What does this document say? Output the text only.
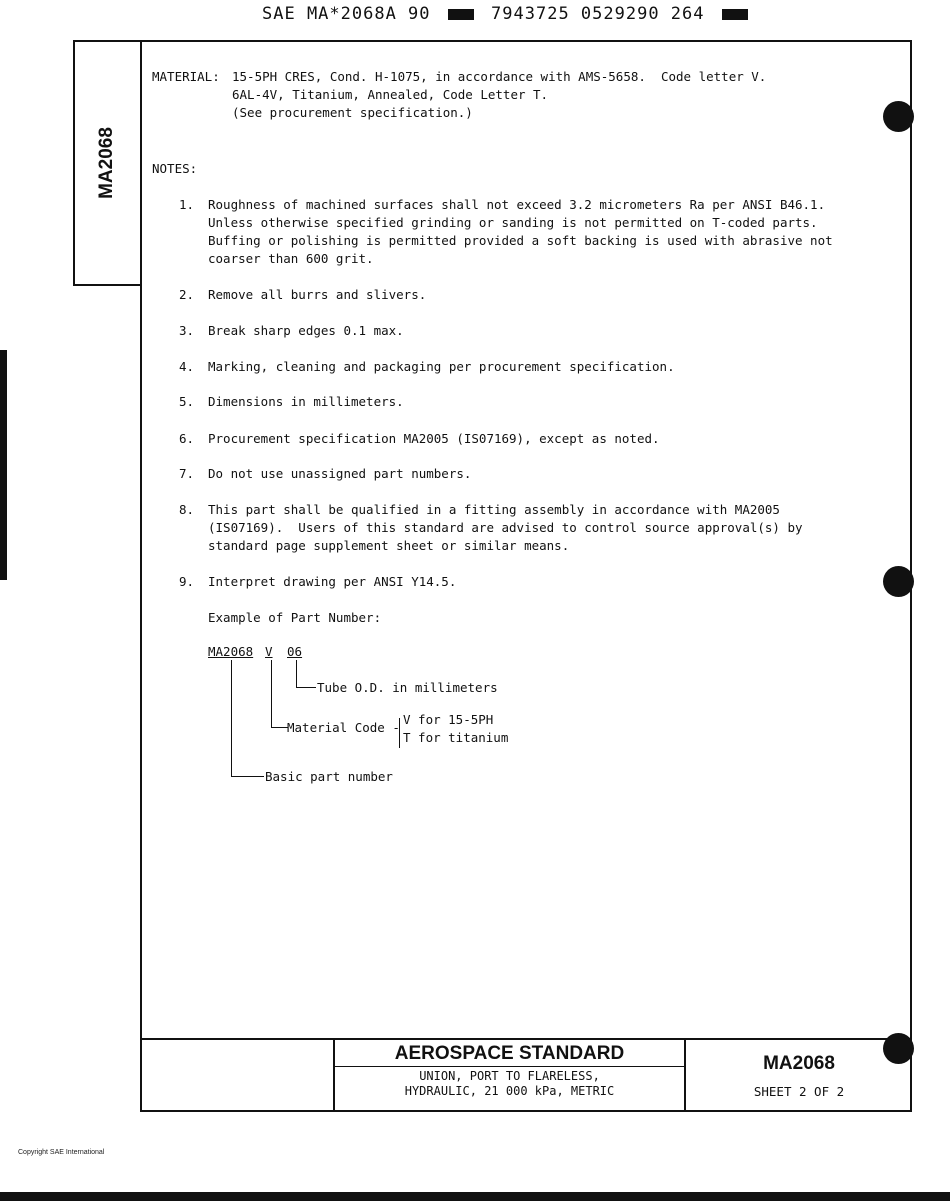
SAE MA*2068A 90	7943725 0529290 264
MA2068
MATERIAL: 15-5PH CRES, Cond. H-1075, in accordance with AMS-5658.  Code letter V.
6AL-4V, Titanium, Annealed, Code Letter T.
(See procurement specification.)
NOTES:
1. Roughness of machined surfaces shall not exceed 3.2 micrometers Ra per ANSI B46.1.
Unless otherwise specified grinding or sanding is not permitted on T-coded parts.
Buffing or polishing is permitted provided a soft backing is used with abrasive not
coarser than 600 grit.
2. Remove all burrs and slivers.
3. Break sharp edges 0.1 max.
4. Marking, cleaning and packaging per procurement specification.
5. Dimensions in millimeters.
6. Procurement specification MA2005 (IS07169), except as noted.
7. Do not use unassigned part numbers.
8. This part shall be qualified in a fitting assembly in accordance with MA2005
(IS07169).  Users of this standard are advised to control source approval(s) by
standard page supplement sheet or similar means.
9. Interpret drawing per ANSI Y14.5.
Example of Part Number:
MA2068 V 06
Tube O.D. in millimeters
Material Code -
V for 15-5PH
T for titanium
Basic part number
AEROSPACE STANDARD
UNION, PORT TO FLARELESS,
HYDRAULIC, 21 000 kPa, METRIC
MA2068
SHEET 2 OF 2
Copyright SAE International
